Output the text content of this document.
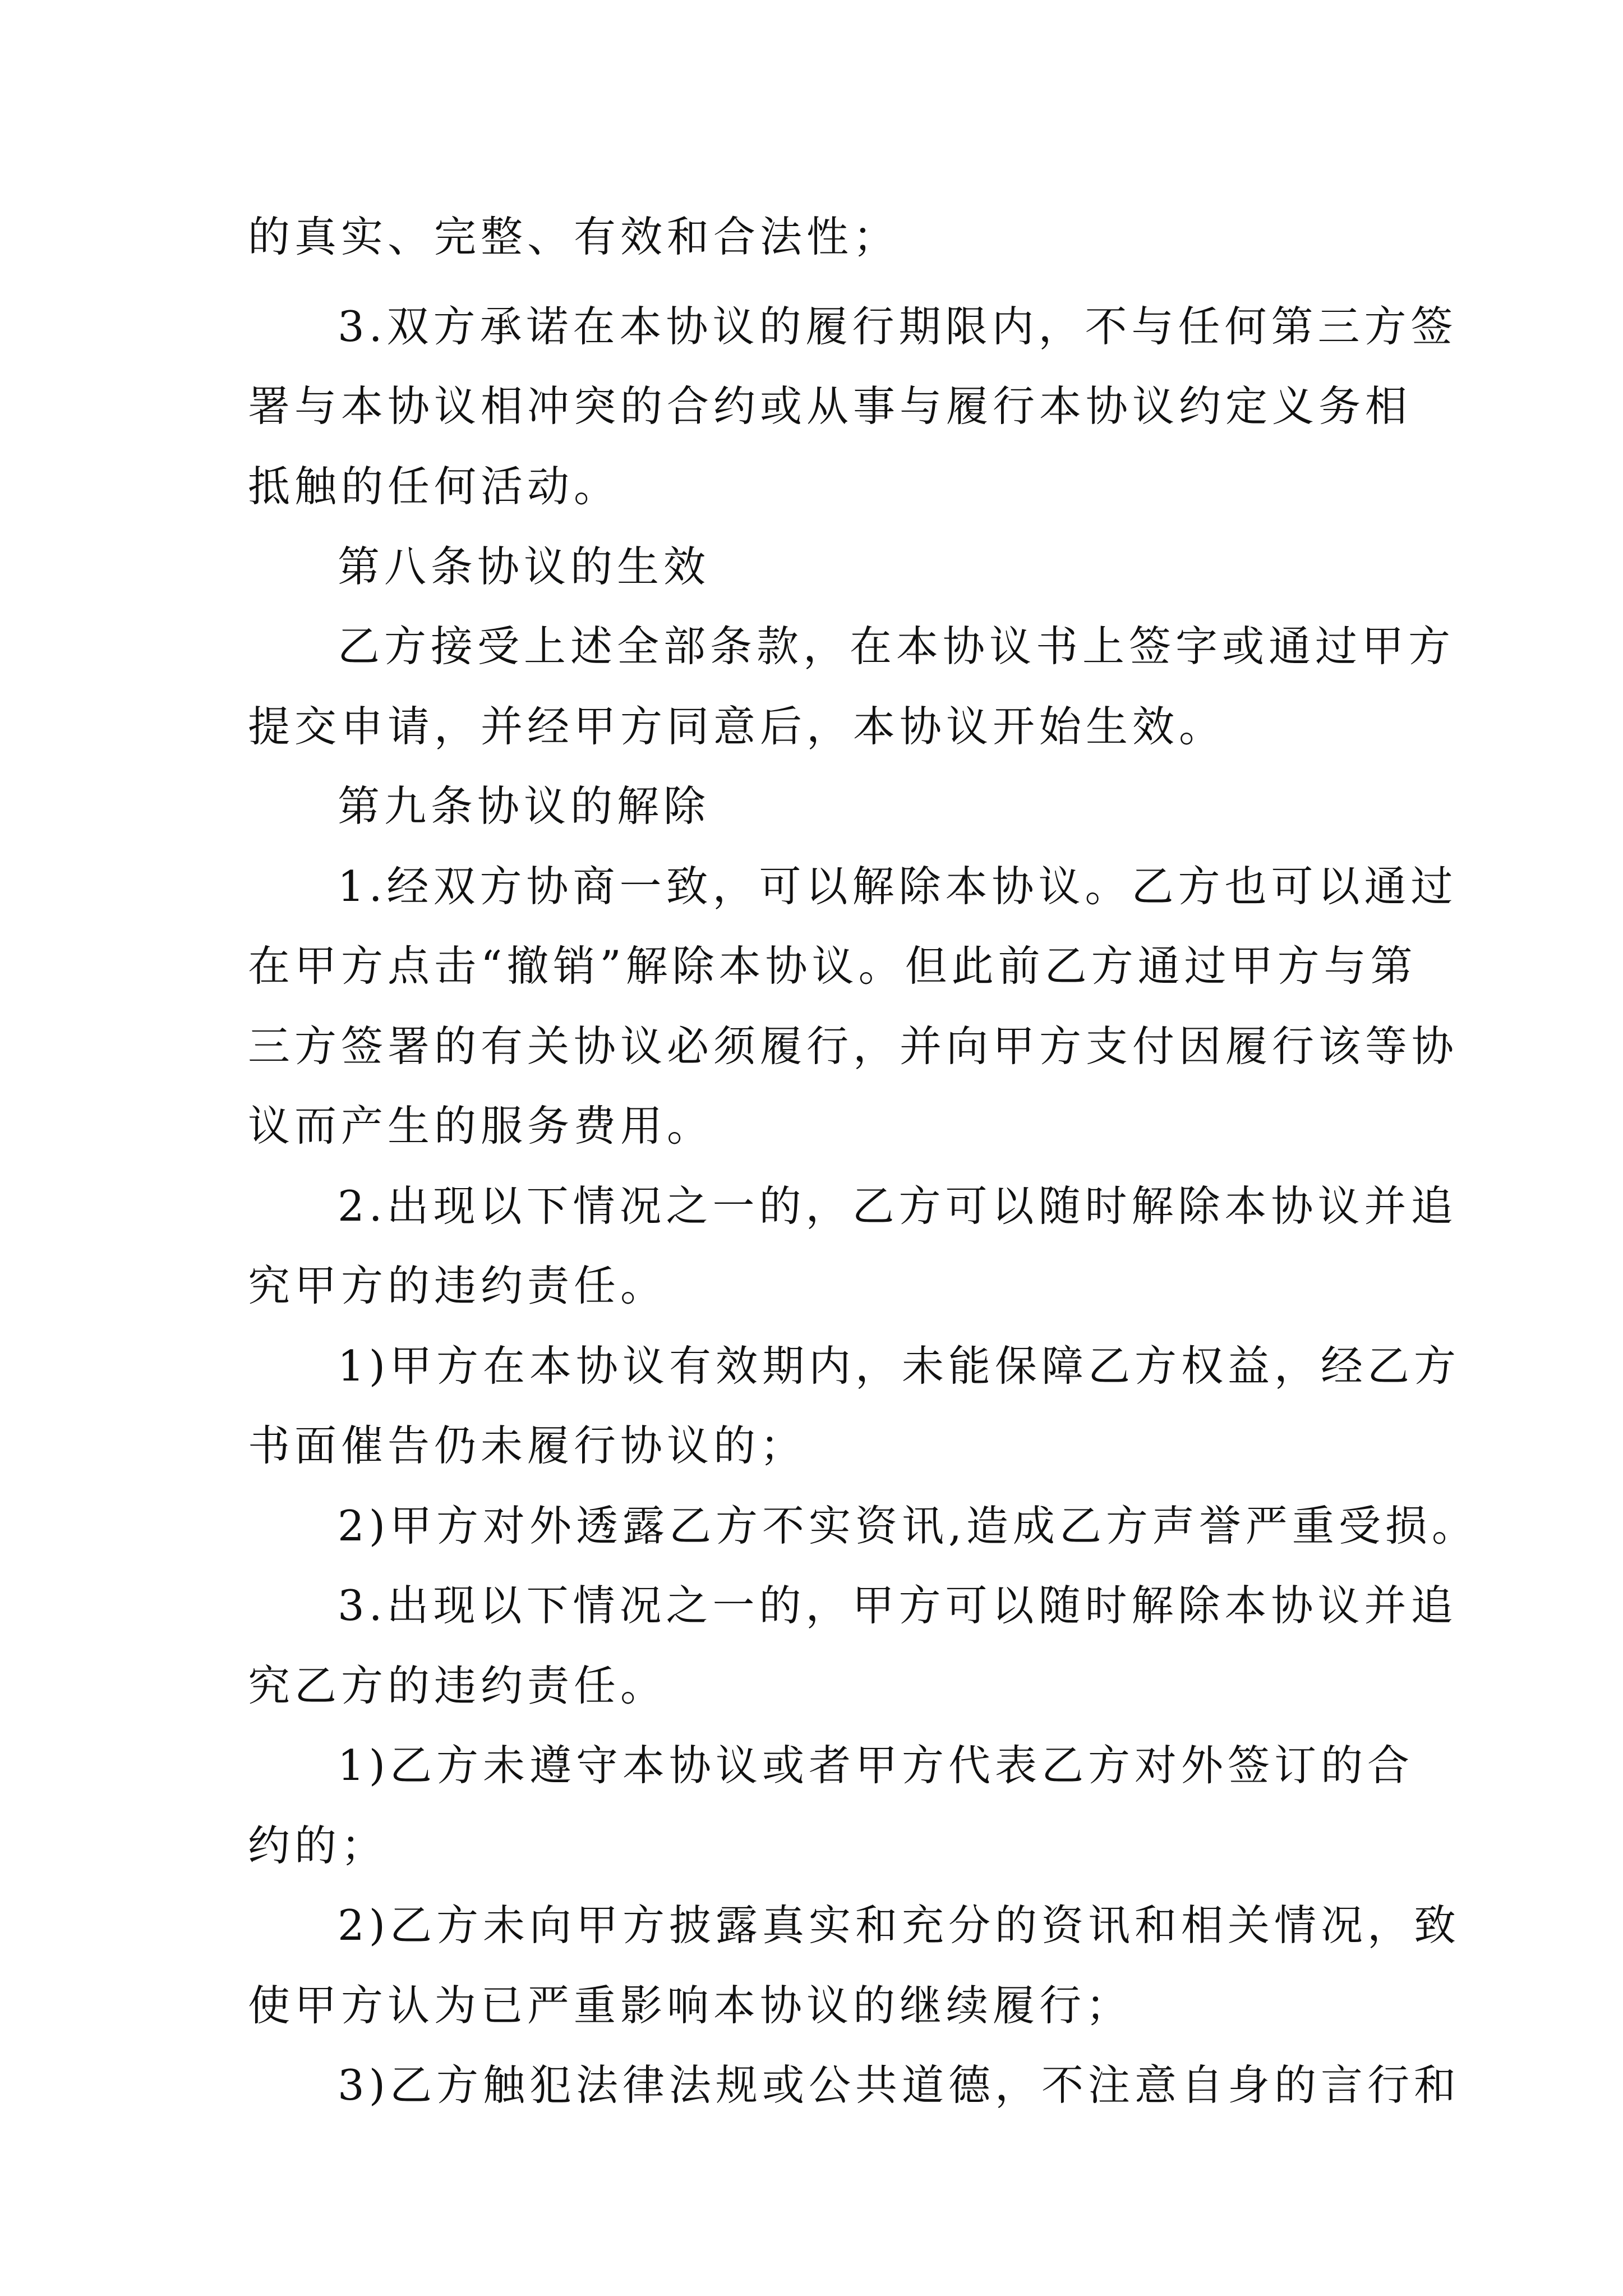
的真实、完整、有效和合法性；
3.双方承诺在本协议的履行期限内，不与任何第三方签
署与本协议相冲突的合约或从事与履行本协议约定义务相
抵触的任何活动。
第八条协议的生效
乙方接受上述全部条款，在本协议书上签字或通过甲方
提交申请，并经甲方同意后，本协议开始生效。
第九条协议的解除
1.经双方协商一致，可以解除本协议。乙方也可以通过
在甲方点击“撤销”解除本协议。但此前乙方通过甲方与第
三方签署的有关协议必须履行，并向甲方支付因履行该等协
议而产生的服务费用。
2.出现以下情况之一的，乙方可以随时解除本协议并追
究甲方的违约责任。
1)甲方在本协议有效期内，未能保障乙方权益，经乙方
书面催告仍未履行协议的；
2)甲方对外透露乙方不实资讯,造成乙方声誉严重受损。
3.出现以下情况之一的，甲方可以随时解除本协议并追
究乙方的违约责任。
1)乙方未遵守本协议或者甲方代表乙方对外签订的合
约的；
2)乙方未向甲方披露真实和充分的资讯和相关情况，致
使甲方认为已严重影响本协议的继续履行；
3)乙方触犯法律法规或公共道德，不注意自身的言行和
